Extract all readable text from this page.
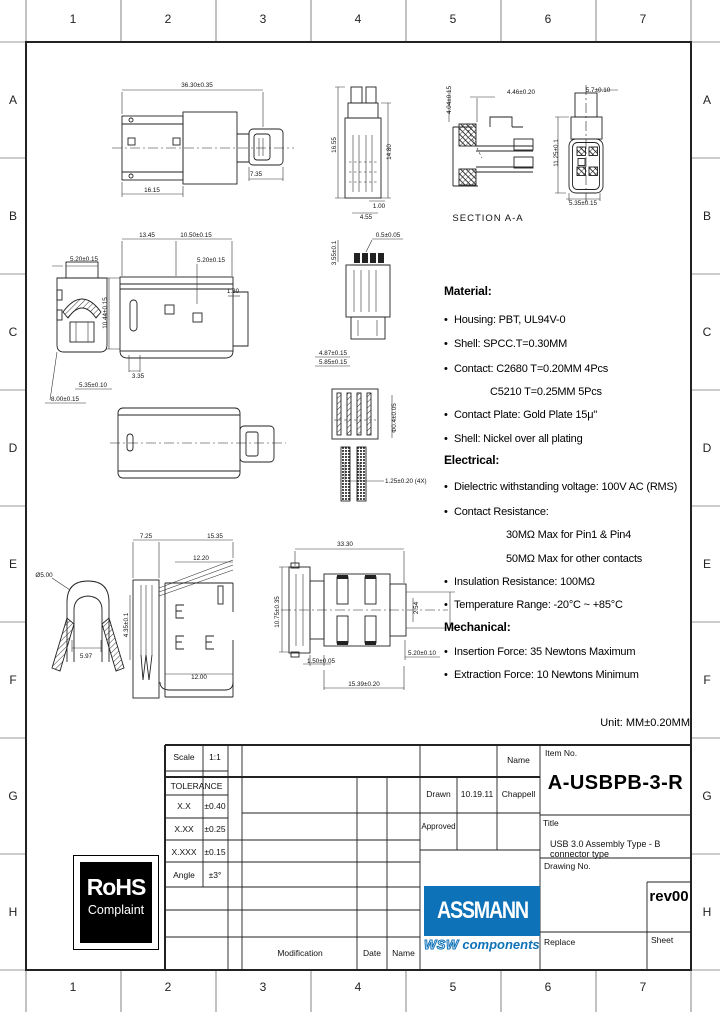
36.30±0.35
16.15
7.35
16.55	14.80
1.00
4.55
4.46±0.20
4.04±0.15
SECTION A-A
5.7±0.10
11.25±0.1
5.35±0.15
5.20±0.15
5.35±0.10
8.00±0.15
13.45	10.50±0.15
5.20±0.15
10.44±0.15
1.80
3.35
0.5±0.05
3.55±0.1
4.87±0.15
5.85±0.15
1.25±0.20 (4X)
Φ0.4±0.05
Ø5.00
5.97
7.25	15.35
12.20
12.00
4.35±0.1
33.30
10.75±0.35
1.50±0.05
5.20±0.10
15.39±0.20
2.54
1	2	3	4	5	6	7
1	2	3	4	5	6	7
A
B
C
D
E
F
G
H
A
B
C
D
E
F
G
H
Material:
• Housing: PBT, UL94V-0
• Shell: SPCC.T=0.30MM
• Contact: C2680 T=0.20MM 4Pcs
C5210 T=0.25MM 5Pcs
• Contact Plate: Gold Plate 15μ"
• Shell: Nickel over all plating
Electrical:
• Dielectric withstanding voltage: 100V AC (RMS)
• Contact Resistance:
30MΩ Max for Pin1 & Pin4
50MΩ Max for other contacts
• Insulation Resistance: 100MΩ
• Temperature Range: -20°C ~ +85°C
Mechanical:
• Insertion Force: 35 Newtons Maximum
• Extraction Force: 10 Newtons Minimum
Unit: MM±0.20MM
Scale	1:1
TOLERANCE
X.X	±0.40
X.XX	±0.25
X.XXX ±0.15
Angle	±3°
Modification	Date	Name
Name
Drawn	10.19.11 Chappell
Approved
Item No.
A-USBPB-3-R
Title
USB 3.0 Assembly Type - B connector type
Drawing No.
rev00
Replace	Sheet
RoHS
Complaint	ASSMANN
WSW components
